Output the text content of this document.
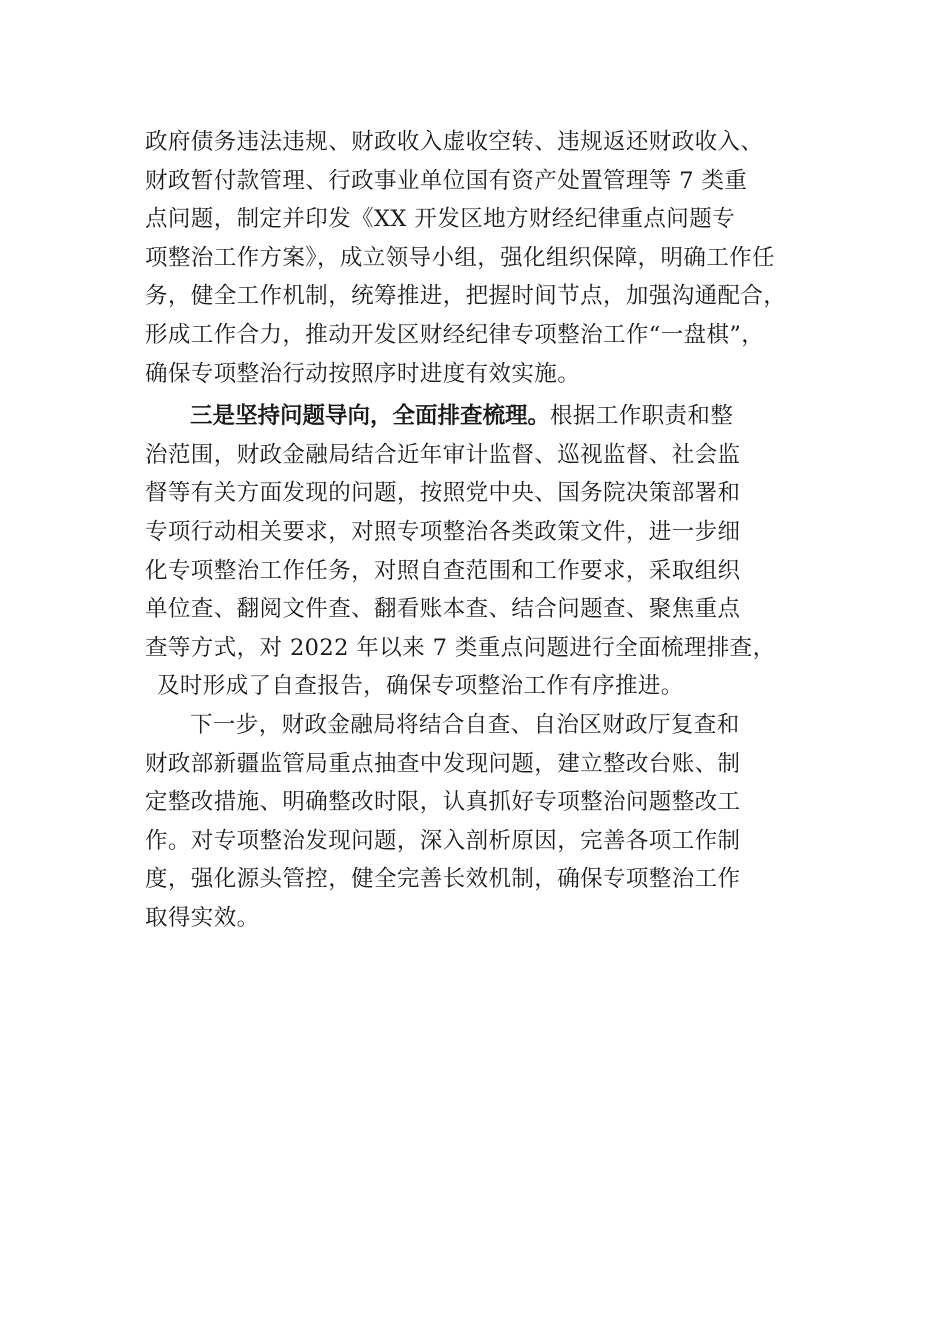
政府债务违法违规、财政收入虚收空转、违规返还财政收入、
财政暂付款管理、行政事业单位国有资产处置管理等 7 类重
点问题，制定并印发《XX 开发区地方财经纪律重点问题专
项整治工作方案》，成立领导小组，强化组织保障，明确工作任
务，健全工作机制，统筹推进，把握时间节点，加强沟通配合，
形成工作合力，推动开发区财经纪律专项整治工作“一盘棋”，
确保专项整治行动按照序时进度有效实施。
三是坚持问题导向，全面排查梳理。根据工作职责和整
治范围，财政金融局结合近年审计监督、巡视监督、社会监
督等有关方面发现的问题，按照党中央、国务院决策部署和
专项行动相关要求，对照专项整治各类政策文件，进一步细
化专项整治工作任务，对照自查范围和工作要求，采取组织
单位查、翻阅文件查、翻看账本查、结合问题查、聚焦重点
查等方式，对 2022 年以来 7 类重点问题进行全面梳理排查，
及时形成了自查报告，确保专项整治工作有序推进。
下一步，财政金融局将结合自查、自治区财政厅复查和
财政部新疆监管局重点抽查中发现问题，建立整改台账、制
定整改措施、明确整改时限，认真抓好专项整治问题整改工
作。对专项整治发现问题，深入剖析原因，完善各项工作制
度，强化源头管控，健全完善长效机制，确保专项整治工作
取得实效。
